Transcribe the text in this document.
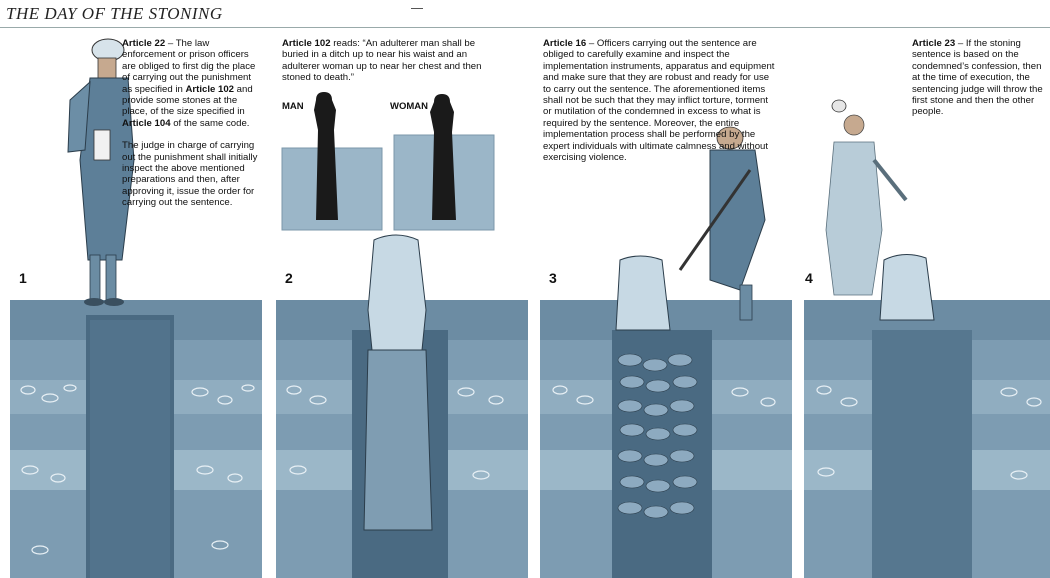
THE DAY OF THE STONING

Article 22 – The law enforcement or prison officers are obliged to first dig the place of carrying out the punishment as specified in Article 102 and provide some stones at the place, of the size specified in Article 104 of the same code.

The judge in charge of carrying out the punishment shall initially inspect the above mentioned preparations and then, after approving it, issue the order for carrying out the sentence.

1

Article 102 reads: “An adulterer man shall be buried in a ditch up to near his waist and an adulterer woman up to near her chest and then stoned to death.”

MAN	WOMAN
2

Article 16 – Officers carrying out the sentence are obliged to carefully examine and inspect the implementation instruments, apparatus and equipment and make sure that they are robust and ready for use to carry out the sentence. The aforementioned items shall not be such that they may inflict torture, torment or mutilation of the condemned in excess to what is required by the sentence. Moreover, the entire implementation process shall be performed by the expert individuals with ultimate calmness and without exercising violence.

3

Article 23 – If the stoning sentence is based on the condemned’s confession, then at the time of execution, the sentencing judge will throw the first stone and then the other people.

4
